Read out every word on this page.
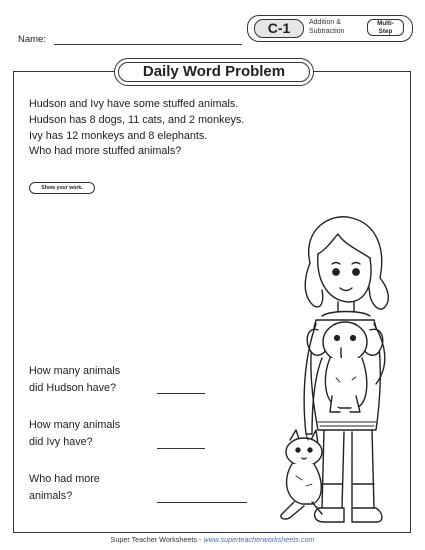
Name:
C-1	Addition &
Subtraction
Multi-
Step
Daily Word Problem

Hudson and Ivy have some stuffed animals.

Hudson has 8 dogs, 11 cats, and 2 monkeys.

Ivy has 12 monkeys and 8 elephants.

Who had more stuffed animals?

Show your work.

How many animals

did Hudson have?

How many animals

did Ivy have?

Who had more

animals?

Super Teacher Worksheets - www.superteacherworksheets.com
